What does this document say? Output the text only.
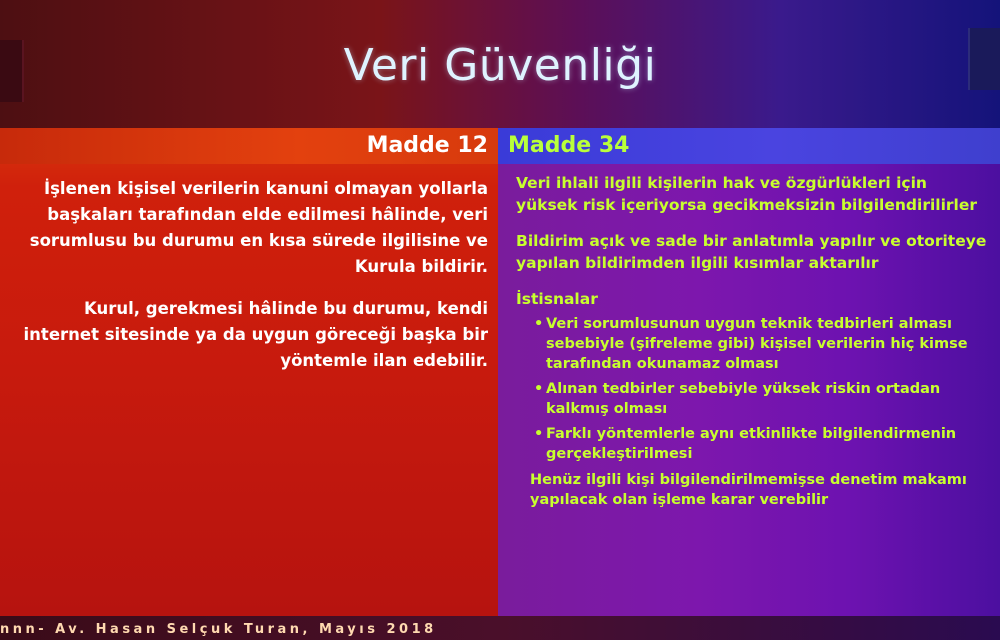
Veri Güvenliği
Madde 12 Madde 34

İşlenen kişisel verilerin kanuni olmayan yollarla başkaları tarafından elde edilmesi hâlinde, veri sorumlusu bu durumu en kısa sürede ilgilisine ve Kurula bildirir.

Kurul, gerekmesi hâlinde bu durumu, kendi internet sitesinde ya da uygun göreceği başka bir yöntemle ilan edebilir.

Veri ihlali ilgili kişilerin hak ve özgürlükleri için yüksek risk içeriyorsa gecikmeksizin bilgilendirilirler

Bildirim açık ve sade bir anlatımla yapılır ve otoriteye yapılan bildirimden ilgili kısımlar aktarılır

İstisnalar
• Veri sorumlusunun uygun teknik tedbirleri alması sebebiyle (şifreleme gibi) kişisel verilerin hiç kimse tarafından okunamaz olması
• Alınan tedbirler sebebiyle yüksek riskin ortadan kalkmış olması
• Farklı yöntemlerle aynı etkinlikte bilgilendirmenin gerçekleştirilmesi
Henüz ilgili kişi bilgilendirilmemişse denetim makamı yapılacak olan işleme karar verebilir
nnn- Av. Hasan Selçuk Turan, Mayıs 2018
